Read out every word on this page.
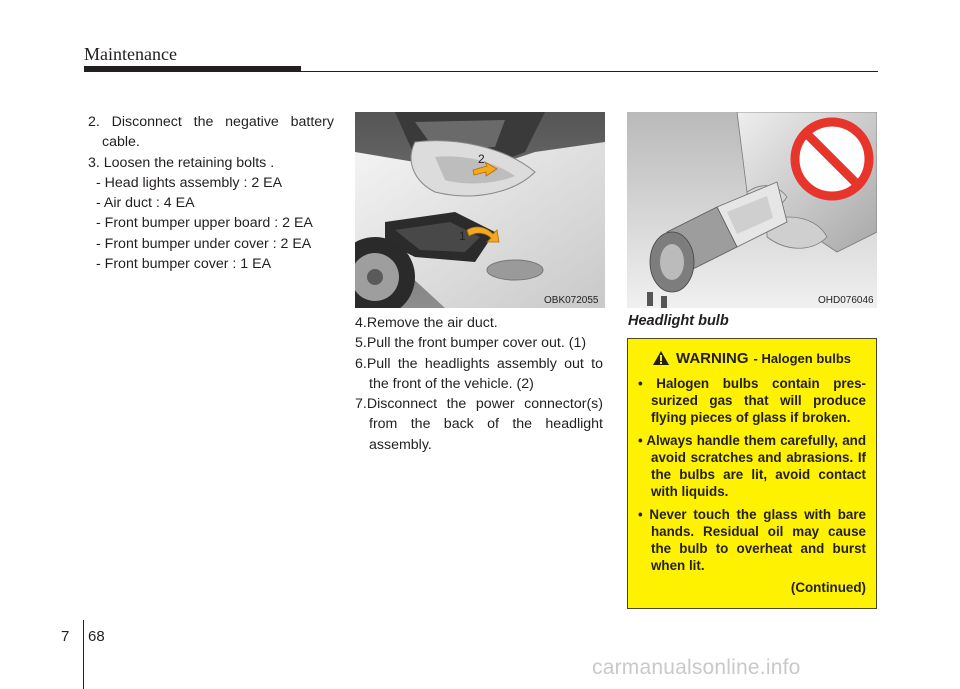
Maintenance

2. Disconnect the negative battery cable.

3. Loosen the retaining bolts .

- Head lights assembly : 2 EA

- Air duct : 4 EA

- Front bumper upper board : 2 EA

- Front bumper under cover : 2 EA

- Front bumper cover : 1 EA

2
1
OBK072055	OHD076046

4.Remove the air duct.

5.Pull the front bumper cover out. (1)

6.Pull the headlights assembly out to the front of the vehicle. (2)

7.Disconnect the power connector(s) from the back of the headlight assembly.

Headlight bulb
WARNING - Halogen bulbs
• Halogen bulbs contain pressurized gas that will produce flying pieces of glass if broken.
• Always handle them carefully, and avoid scratches and abrasions. If the bulbs are lit, avoid contact with liquids.
• Never touch the glass with bare hands. Residual oil may cause the bulb to overheat and burst when lit.
(Continued)
7 68
carmanualsonline.info
